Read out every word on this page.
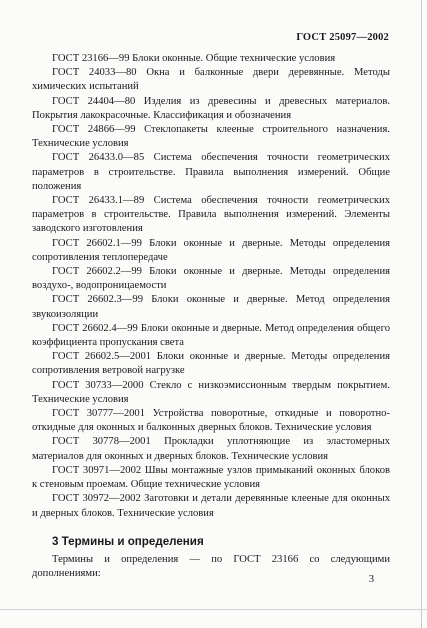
ГОСТ 25097—2002

ГОСТ 23166—99 Блоки оконные. Общие технические условия

ГОСТ 24033—80 Окна и балконные двери деревянные. Методы химических испытаний

ГОСТ 24404—80 Изделия из древесины и древесных материалов. Покрытия лакокрасочные. Классификация и обозначения

ГОСТ 24866—99 Стеклопакеты клееные строительного назначения. Технические условия

ГОСТ 26433.0—85 Система обеспечения точности геометрических параметров в строительстве. Правила выполнения измерений. Общие положения

ГОСТ 26433.1—89 Система обеспечения точности геометрических параметров в строительстве. Правила выполнения измерений. Элементы заводского изготовления

ГОСТ 26602.1—99 Блоки оконные и дверные. Методы определения сопротивления теплопередаче

ГОСТ 26602.2—99 Блоки оконные и дверные. Методы определения воздухо-, водопроницаемости

ГОСТ 26602.3—99 Блоки оконные и дверные. Метод определения звукоизоляции

ГОСТ 26602.4—99 Блоки оконные и дверные. Метод определения общего коэффициента пропускания света

ГОСТ 26602.5—2001 Блоки оконные и дверные. Методы определения сопротивления ветровой нагрузке

ГОСТ 30733—2000 Стекло с низкоэмиссионным твердым покрытием. Технические условия

ГОСТ 30777—2001 Устройства поворотные, откидные и поворотно-откидные для оконных и балконных дверных блоков. Технические условия

ГОСТ 30778—2001 Прокладки уплотняющие из эластомерных материалов для оконных и дверных блоков. Технические условия

ГОСТ 30971—2002 Швы монтажные узлов примыканий оконных блоков к стеновым проемам. Общие технические условия

ГОСТ 30972—2002 Заготовки и детали деревянные клееные для оконных и дверных блоков. Технические условия

3 Термины и определения

Термины и определения — по ГОСТ 23166 со следующими дополнениями:

3
